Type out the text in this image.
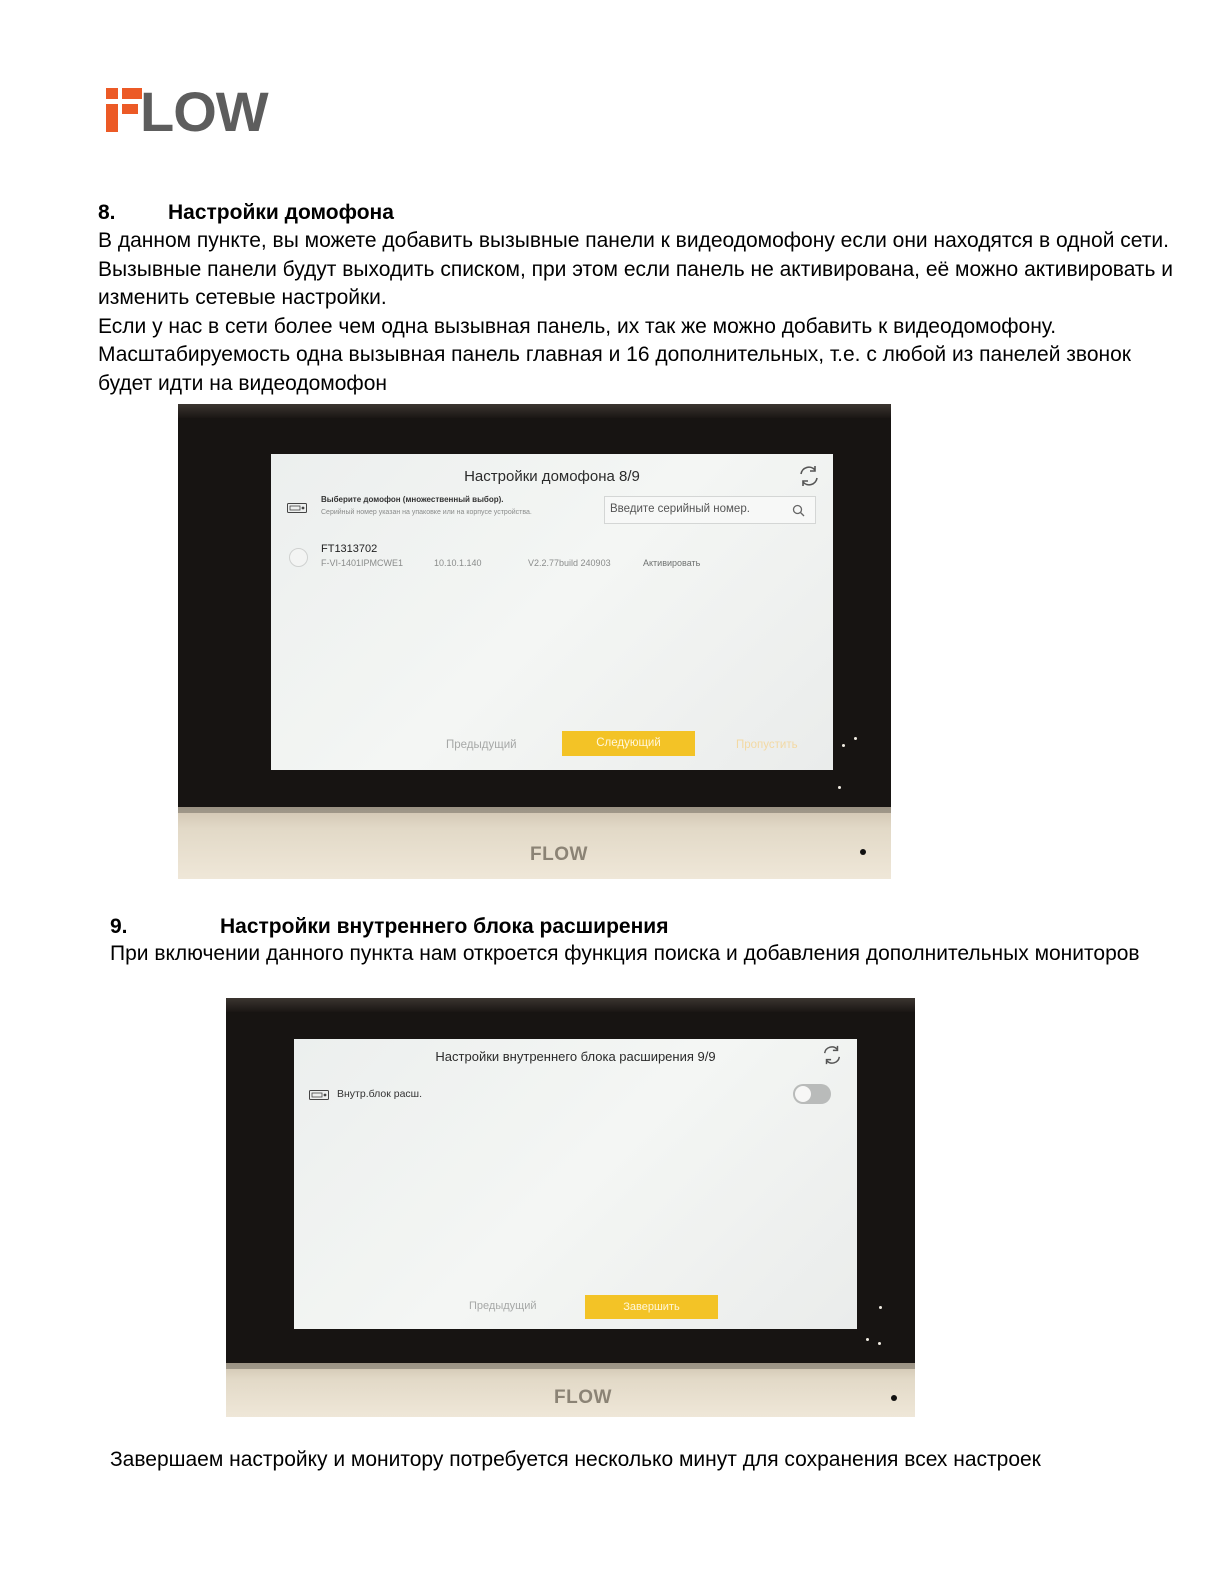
LOW
8. Настройки домофона

В данном пункте, вы можете добавить вызывные панели к видеодомофону если они находятся в одной сети. Вызывные панели будут выходить списком, при этом если панель не активирована, её можно активировать и изменить сетевые настройки.

Если у нас в сети более чем одна вызывная панель, их так же можно добавить к видеодомофону. Масштабируемость одна вызывная панель главная и 16 дополнительных, т.е. с любой из панелей звонок будет идти на видеодомофон

FLOW
Настройки домофона 8/9
Выберите домофон (множественный выбор).
Серийный номер указан на упаковке или на корпусе устройства.	Введите серийный номер.
FT1313702
F-VI-1401IPMCWE1	10.10.1.140	V2.2.77build 240903	Активировать
Предыдущий	Следующий	Пропустить
9.	Настройки внутреннего блока расширения

При включении данного пункта нам откроется функция поиска и добавления дополнительных мониторов

FLOW
Настройки внутреннего блока расширения 9/9
Внутр.блок расш.
Предыдущий	Завершить
Завершаем настройку и монитору потребуется несколько минут для сохранения всех настроек
